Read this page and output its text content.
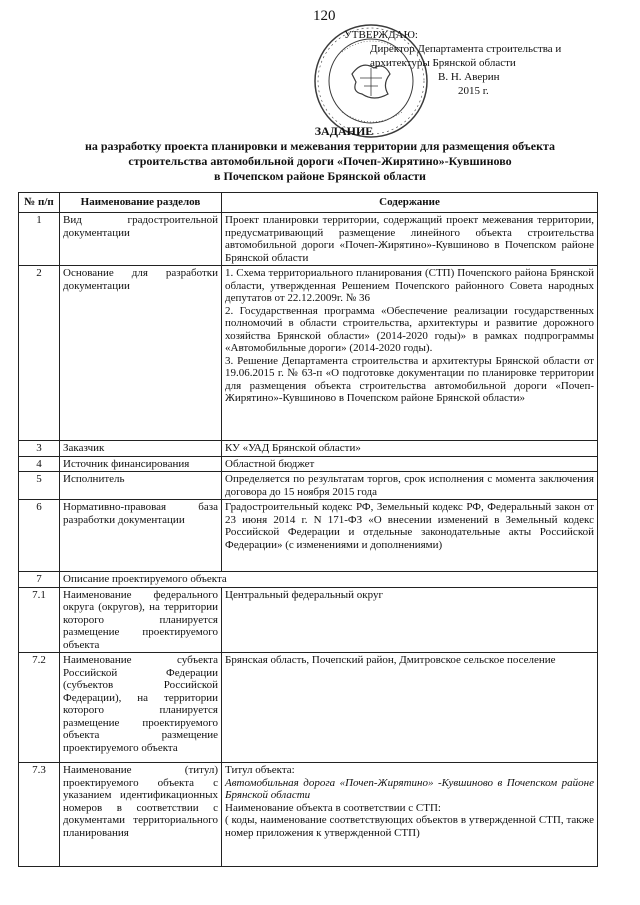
120
УТВЕРЖДАЮ:
Директор Департамента строительства и
архитектуры Брянской области
В. Н. Аверин
2015 г.
ЗАДАНИЕ
на разработку проекта планировки и межевания территории для размещения объекта
строительства автомобильной дороги «Почеп-Жирятино»-Кувшиново
в Почепском районе Брянской области
№ п/п	Наименование разделов	Содержание
1	Вид градостроительной документации	Проект планировки территории, содержащий проект межевания территории, предусматривающий размещение линейного объекта строительства автомобильной дороги «Почеп-Жирятино»-Кувшиново в Почепском районе Брянской области
2	Основание для разработки документации	1. Схема территориального планирования (СТП) Почепского района Брянской области, утвержденная Решением Почепского районного Совета народных депутатов от 22.12.2009г. № 36
2. Государственная программа «Обеспечение реализации государственных полномочий в области строительства, архитектуры и развитие дорожного хозяйства Брянской области» (2014-2020 годы)» в рамках подпрограммы «Автомобильные дороги» (2014-2020 годы).
3. Решение Департамента строительства и архитектуры Брянской области от 19.06.2015 г. № 63-п «О подготовке документации по планировке территории для размещения объекта строительства автомобильной дороги «Почеп-Жирятино»-Кувшиново в Почепском районе Брянской области»

3	Заказчик	КУ «УАД Брянской области»
4	Источник финансирования	Областной бюджет
5	Исполнитель	Определяется по результатам торгов, срок исполнения с момента заключения договора до 15 ноября 2015 года
6	Нормативно-правовая база разработки документации	Градостроительный кодекс РФ, Земельный кодекс РФ, Федеральный закон от 23 июня 2014 г. N 171-ФЗ «О внесении изменений в Земельный кодекс Российской Федерации и отдельные законодательные акты Российской Федерации» (с изменениями и дополнениями)
7	Описание проектируемого объекта	
7.1	Наименование федерального округа (округов), на территории которого планируется размещение проектируемого объекта	Центральный федеральный округ
7.2	Наименование субъекта Российской Федерации (субъектов Российской Федерации), на территории которого планируется размещение проектируемого объекта размещение проектируемого объекта	Брянская область, Почепский район, Дмитровское сельское поселение
7.3	Наименование (титул) проектируемого объекта с указанием идентификационных номеров в соответствии с документами территориального планирования	Титул объекта:
Автомобильная дорога «Почеп-Жирятино» -Кувшиново в Почепском районе Брянской области
Наименование объекта в соответствии с СТП:
( коды, наименование соответствующих объектов в утвержденной СТП, также номер приложения к утвержденной СТП)
